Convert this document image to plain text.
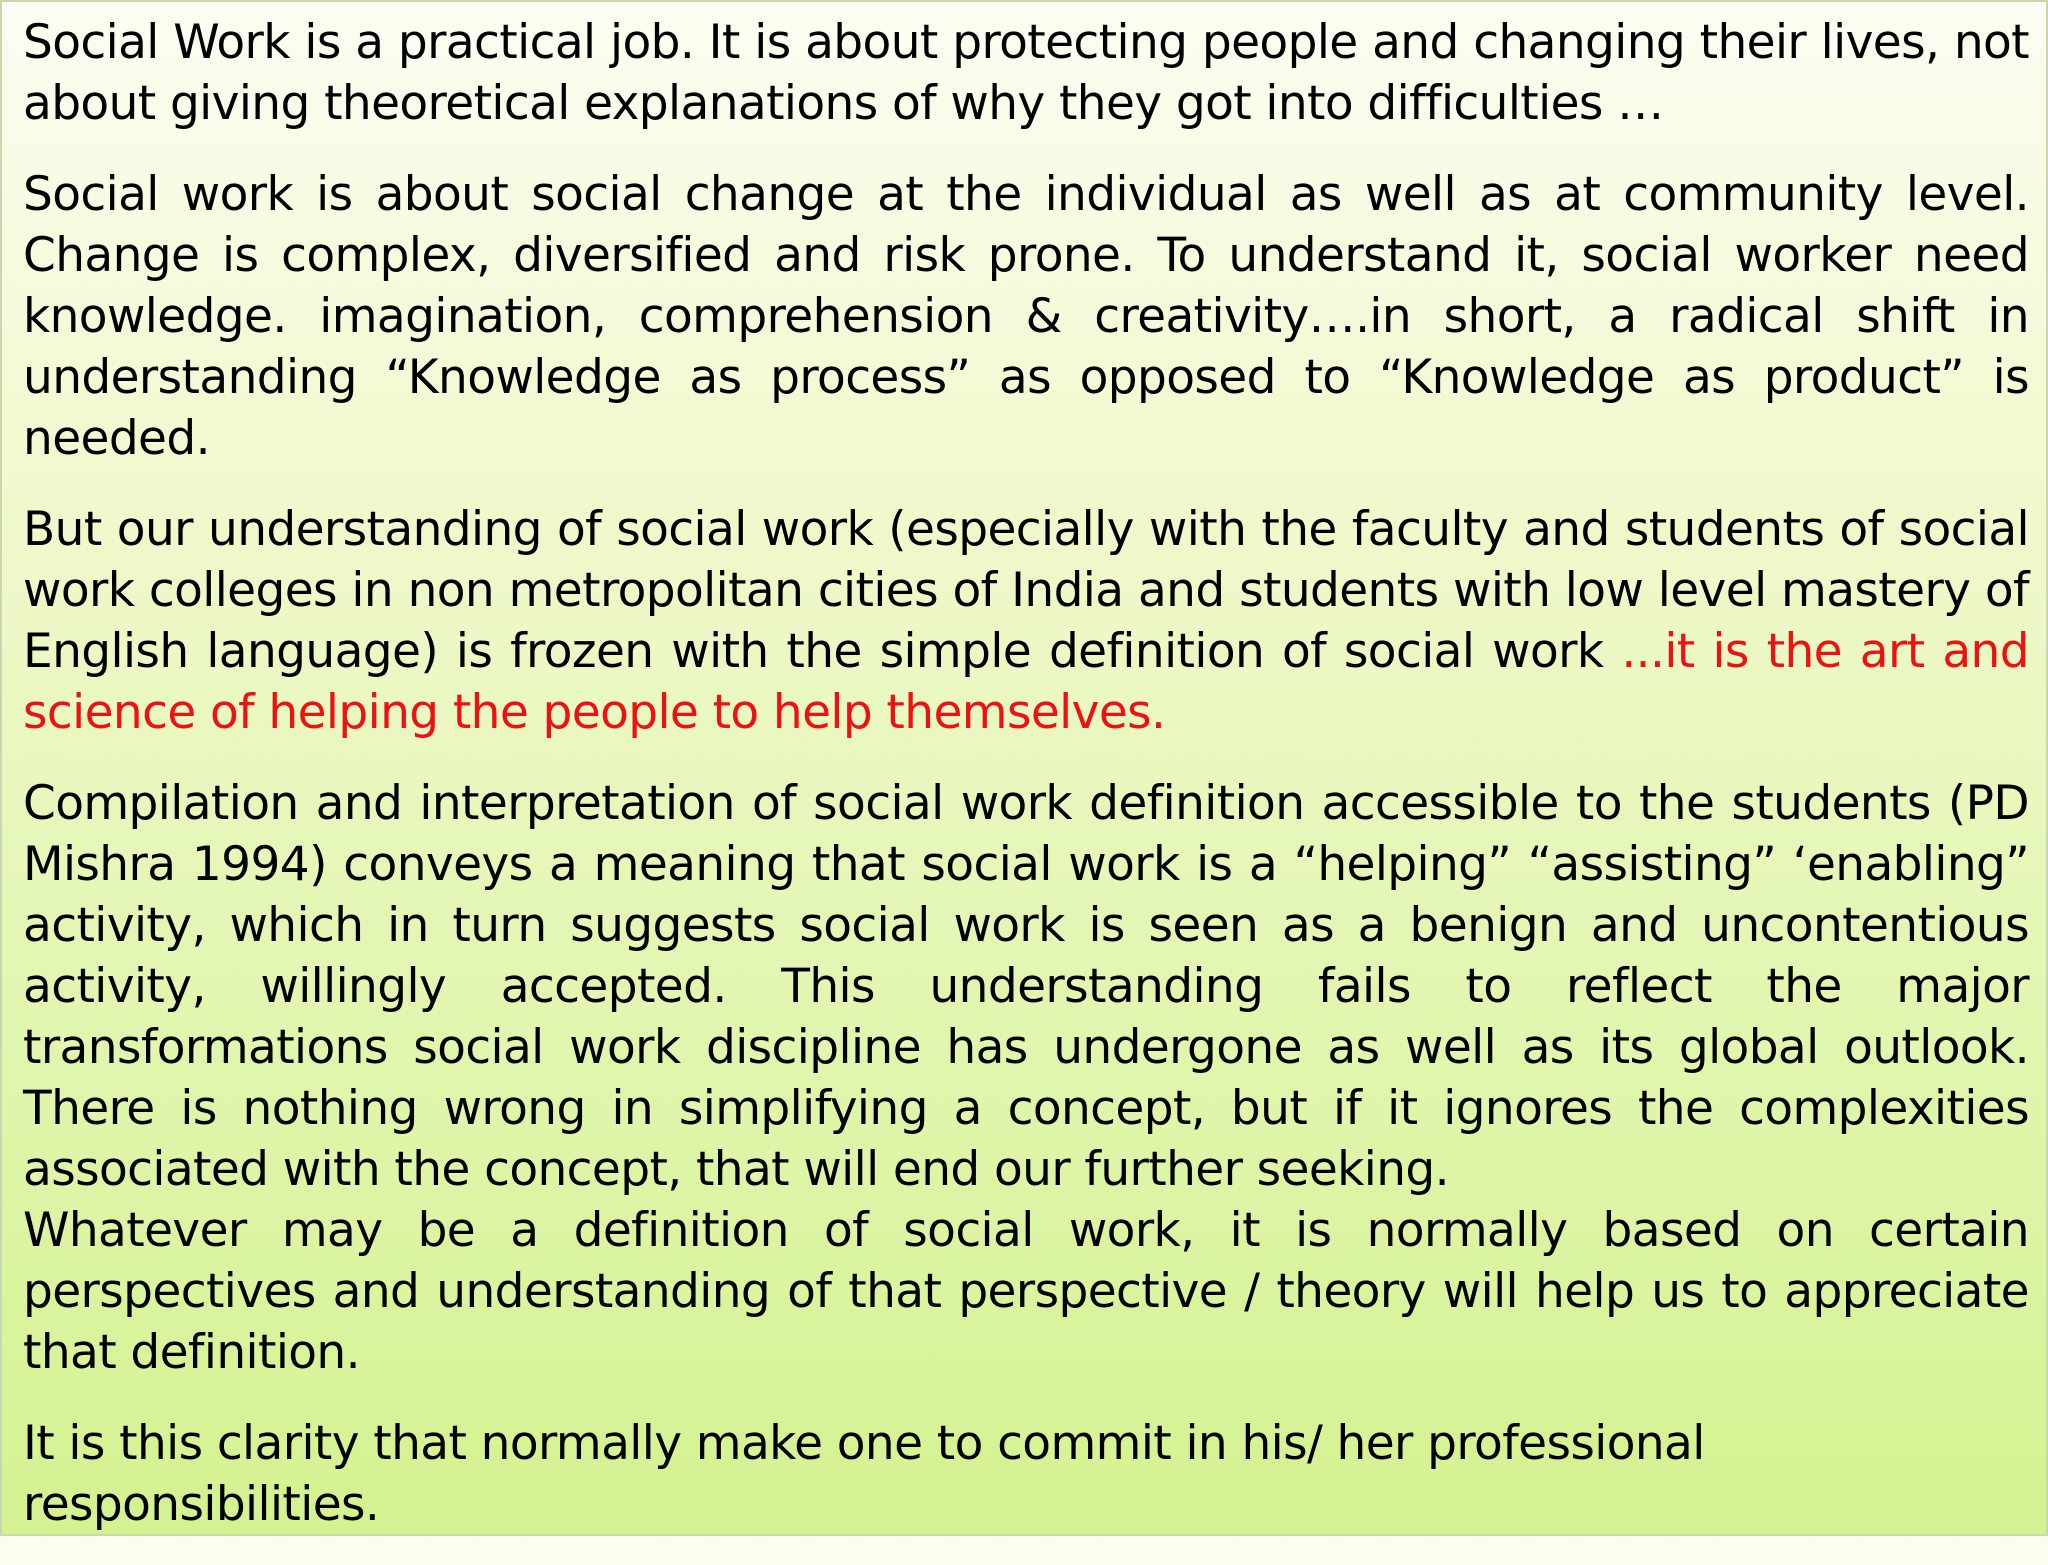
Social Work is a practical job. It is about protecting people and changing their lives, not about giving theoretical explanations of why they got into difficulties …

Social work is about social change at the individual as well as at community level. Change is complex, diversified and risk prone. To understand it, social worker need knowledge. imagination, comprehension & creativity….in short, a radical shift in understanding “Knowledge as process” as opposed to “Knowledge as product” is needed.

But our understanding of social work (especially with the faculty and students of social work colleges in non metropolitan cities of India and students with low level mastery of English language) is frozen with the simple definition of social work ...it is the art and science of helping the people to help themselves.

Compilation and interpretation of social work definition accessible to the students (PD Mishra 1994) conveys a meaning that social work is a “helping” “assisting” ‘enabling” activity, which in turn suggests social work is seen as a benign and uncontentious activity, willingly accepted. This understanding fails to reflect the major transformations social work discipline has undergone as well as its global outlook. There is nothing wrong in simplifying a concept, but if it ignores the complexities associated with the concept, that will end our further seeking.

Whatever may be a definition of social work, it is normally based on certain perspectives and understanding of that perspective / theory will help us to appreciate that definition.

It is this clarity that normally make one to commit in his/ her professional responsibilities.
